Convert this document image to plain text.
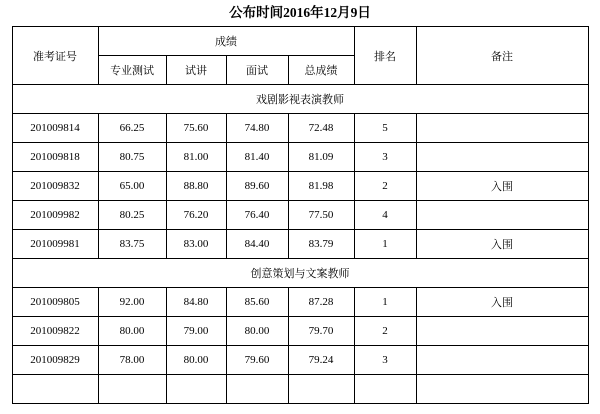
公布时间2016年12月9日
准考证号	成绩				排名	备注
	专业测试	试讲	面试	总成绩		
戏剧影视表演教师						
201009814	66.25	75.60	74.80	72.48	5	
201009818	80.75	81.00	81.40	81.09	3	
201009832	65.00	88.80	89.60	81.98	2	入围
201009982	80.25	76.20	76.40	77.50	4	
201009981	83.75	83.00	84.40	83.79	1	入围
创意策划与文案教师						
201009805	92.00	84.80	85.60	87.28	1	入围
201009822	80.00	79.00	80.00	79.70	2	
201009829	78.00	80.00	79.60	79.24	3	
